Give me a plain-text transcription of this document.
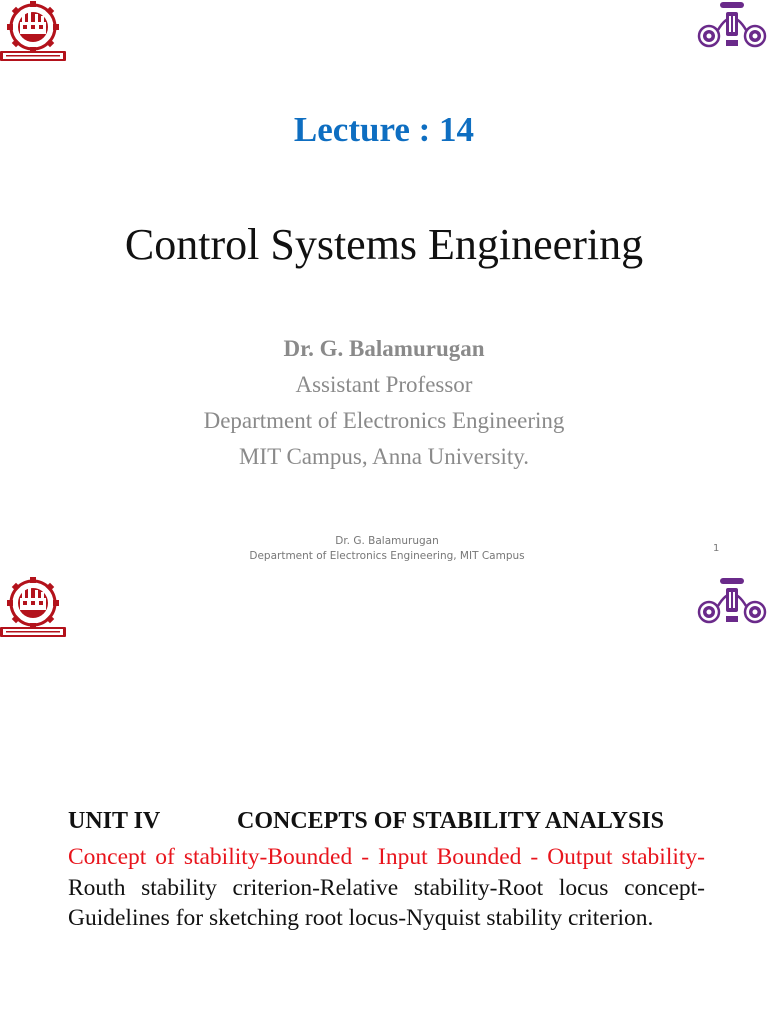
Lecture : 14
Control Systems Engineering
Dr. G. Balamurugan
Assistant Professor
Department of Electronics Engineering
MIT Campus, Anna University.
Dr. G. Balamurugan
Department of Electronics Engineering, MIT Campus
1
UNIT IV	CONCEPTS OF STABILITY ANALYSIS
Concept of stability-Bounded - Input Bounded - Output stability-Routh stability criterion-Relative stability-Root locus concept-Guidelines for sketching root locus-Nyquist stability criterion.
